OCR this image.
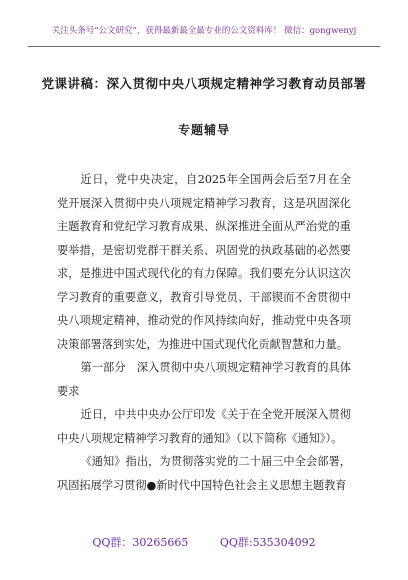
关注头条号“公文研究”，获得最新最全最专业的公文资料库！ 微信：gongwenyj
党课讲稿：深入贯彻中央八项规定精神学习教育动员部署
专题辅导

近日，党中央决定，自2025年全国两会后至7月在全党开展深入贯彻中央八项规定精神学习教育，这是巩固深化主题教育和党纪学习教育成果、纵深推进全面从严治党的重要举措，是密切党群干群关系、巩固党的执政基础的必然要求，是推进中国式现代化的有力保障。我们要充分认识这次学习教育的重要意义，教育引导党员、干部锲而不舍贯彻中央八项规定精神，推动党的作风持续向好，推动党中央各项决策部署落到实处，为推进中国式现代化贡献智慧和力量。

第一部分　深入贯彻中央八项规定精神学习教育的具体要求

近日，中共中央办公厅印发《关于在全党开展深入贯彻中央八项规定精神学习教育的通知》（以下简称《通知》）。

《通知》指出，为贯彻落实党的二十届三中全会部署，巩固拓展学习贯彻●新时代中国特色社会主义思想主题教育

QQ群：30265665	QQ群:535304092
